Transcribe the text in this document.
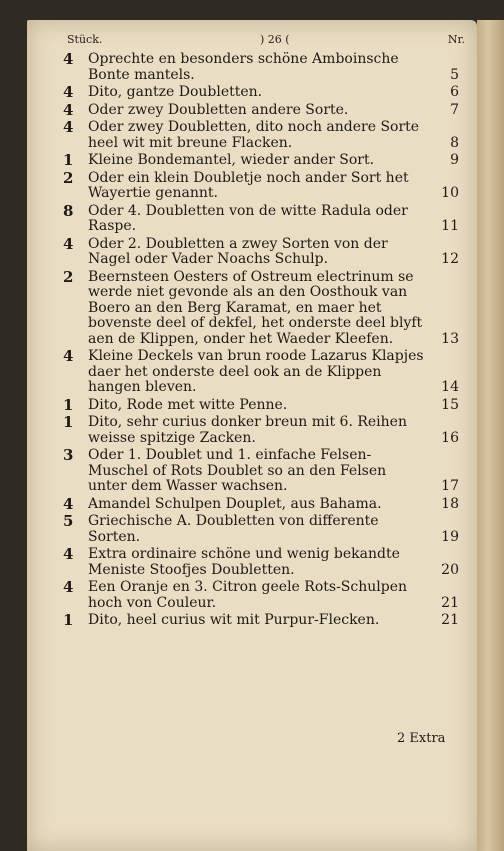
Stück.	) 26 (	Nr.
4 Oprechte en besonders schöne Amboinsche Bonte mantels.	5
4 Dito, gantze Doubletten.	6
4 Oder zwey Doubletten andere Sorte.	7
4 Oder zwey Doubletten, dito noch andere Sorte heel wit mit breune Flacken.	8
1 Kleine Bondemantel, wieder ander Sort.	9
2 Oder ein klein Doubletje noch ander Sort het Wayertie genannt.	10
8 Oder 4. Doubletten von de witte Radula oder Raspe.	11
4 Oder 2. Doubletten a zwey Sorten von der Nagel oder Vader Noachs Schulp.	12
2 Beernsteen Oesters of Ostreum electrinum se werde niet gevonde als an den Oosthouk van Boero an den Berg Karamat, en maer het bovenste deel of dekfel, het onderste deel blyft aen de Klippen, onder het Waeder Kleefen.	13
4 Kleine Deckels van brun roode Lazarus Klapjes daer het onderste deel ook an de Klippen hangen bleven.	14
1 Dito, Rode met witte Penne.	15
1 Dito, sehr curius donker breun mit 6. Reihen weisse spitzige Zacken.	16
3 Oder 1. Doublet und 1. einfache Felsen-Muschel of Rots Doublet so an den Felsen unter dem Wasser wachsen.	17
4 Amandel Schulpen Douplet, aus Bahama.	18
5 Griechische A. Doubletten von differente Sorten.	19
4 Extra ordinaire schöne und wenig bekandte Meniste Stoofjes Doubletten.	20
4 Een Oranje en 3. Citron geele Rots-Schulpen hoch von Couleur.	21
1 Dito, heel curius wit mit Purpur-Flecken.	21
2 Extra
